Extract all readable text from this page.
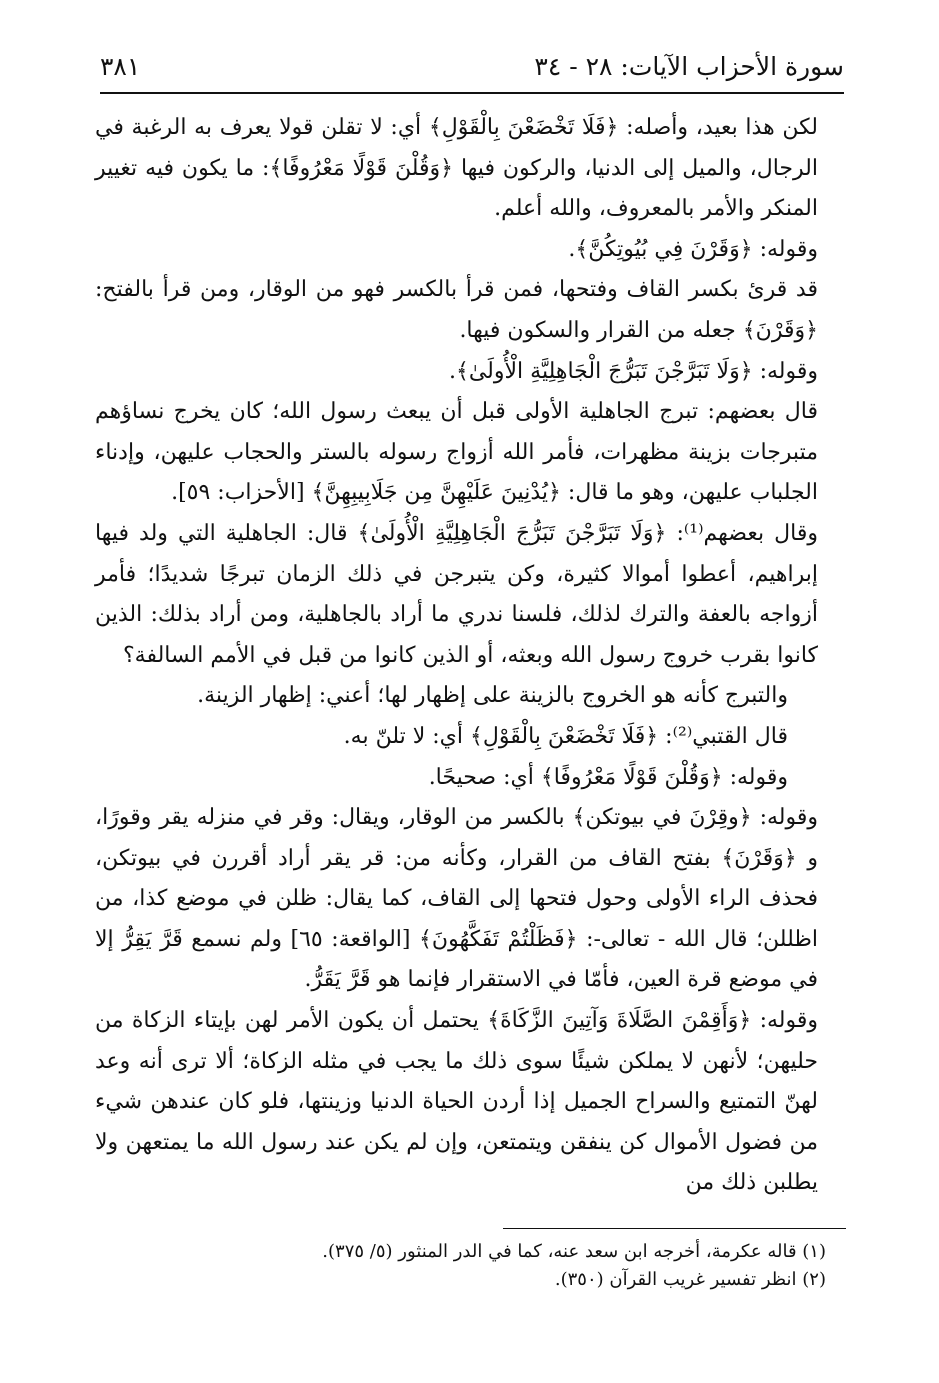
سورة الأحزاب الآيات: ٢٨ - ٣٤
٣٨١

لكن هذا بعيد، وأصله: ﴿فَلَا تَخْضَعْنَ بِالْقَوْلِ﴾ أي: لا تقلن قولا يعرف به الرغبة في الرجال، والميل إلى الدنيا، والركون فيها ﴿وَقُلْنَ قَوْلًا مَعْرُوفًا﴾: ما يكون فيه تغيير المنكر والأمر بالمعروف، والله أعلم.

وقوله: ﴿وَقَرْنَ فِي بُيُوتِكُنَّ﴾.

قد قرئ بكسر القاف وفتحها، فمن قرأ بالكسر فهو من الوقار، ومن قرأ بالفتح: ﴿وَقَرْنَ﴾ جعله من القرار والسكون فيها.

وقوله: ﴿وَلَا تَبَرَّجْنَ تَبَرُّجَ الْجَاهِلِيَّةِ الْأُولَىٰ﴾.

قال بعضهم: تبرج الجاهلية الأولى قبل أن يبعث رسول الله؛ كان يخرج نساؤهم متبرجات بزينة مظهرات، فأمر الله أزواج رسوله بالستر والحجاب عليهن، وإدناء الجلباب عليهن، وهو ما قال: ﴿يُدْنِينَ عَلَيْهِنَّ مِن جَلَابِيبِهِنَّ﴾ [الأحزاب: ٥٩].

وقال بعضهم⁽¹⁾: ﴿وَلَا تَبَرَّجْنَ تَبَرُّجَ الْجَاهِلِيَّةِ الْأُولَىٰ﴾ قال: الجاهلية التي ولد فيها إبراهيم، أعطوا أموالا كثيرة، وكن يتبرجن في ذلك الزمان تبرجًا شديدًا؛ فأمر أزواجه بالعفة والترك لذلك، فلسنا ندري ما أراد بالجاهلية، ومن أراد بذلك: الذين كانوا بقرب خروج رسول الله وبعثه، أو الذين كانوا من قبل في الأمم السالفة؟

والتبرج كأنه هو الخروج بالزينة على إظهار لها؛ أعني: إظهار الزينة.

قال القتبي⁽²⁾: ﴿فَلَا تَخْضَعْنَ بِالْقَوْلِ﴾ أي: لا تلنّ به.

وقوله: ﴿وَقُلْنَ قَوْلًا مَعْرُوفًا﴾ أي: صحيحًا.

وقوله: ﴿وقِرْنَ في بيوتكن﴾ بالكسر من الوقار، ويقال: وقر في منزله يقر وقورًا، و ﴿وَقَرْنَ﴾ بفتح القاف من القرار، وكأنه من: قر يقر أراد أقررن في بيوتكن، فحذف الراء الأولى وحول فتحها إلى القاف، كما يقال: ظلن في موضع كذا، من اظللن؛ قال الله - تعالى-: ﴿فَظَلْتُمْ تَفَكَّهُونَ﴾ [الواقعة: ٦٥] ولم نسمع قَرَّ يَقِرُّ إلا في موضع قرة العين، فأمّا في الاستقرار فإنما هو قَرَّ يَقَرُّ.

وقوله: ﴿وَأَقِمْنَ الصَّلَاةَ وَآتِينَ الزَّكَاةَ﴾ يحتمل أن يكون الأمر لهن بإيتاء الزكاة من حليهن؛ لأنهن لا يملكن شيئًا سوى ذلك ما يجب في مثله الزكاة؛ ألا ترى أنه وعد لهنّ التمتيع والسراح الجميل إذا أردن الحياة الدنيا وزينتها، فلو كان عندهن شيء من فضول الأموال كن ينفقن ويتمتعن، وإن لم يكن عند رسول الله ما يمتعهن ولا يطلبن ذلك من

(١) قاله عكرمة، أخرجه ابن سعد عنه، كما في الدر المنثور (٥/ ٣٧٥).

(٢) انظر تفسير غريب القرآن (٣٥٠).
